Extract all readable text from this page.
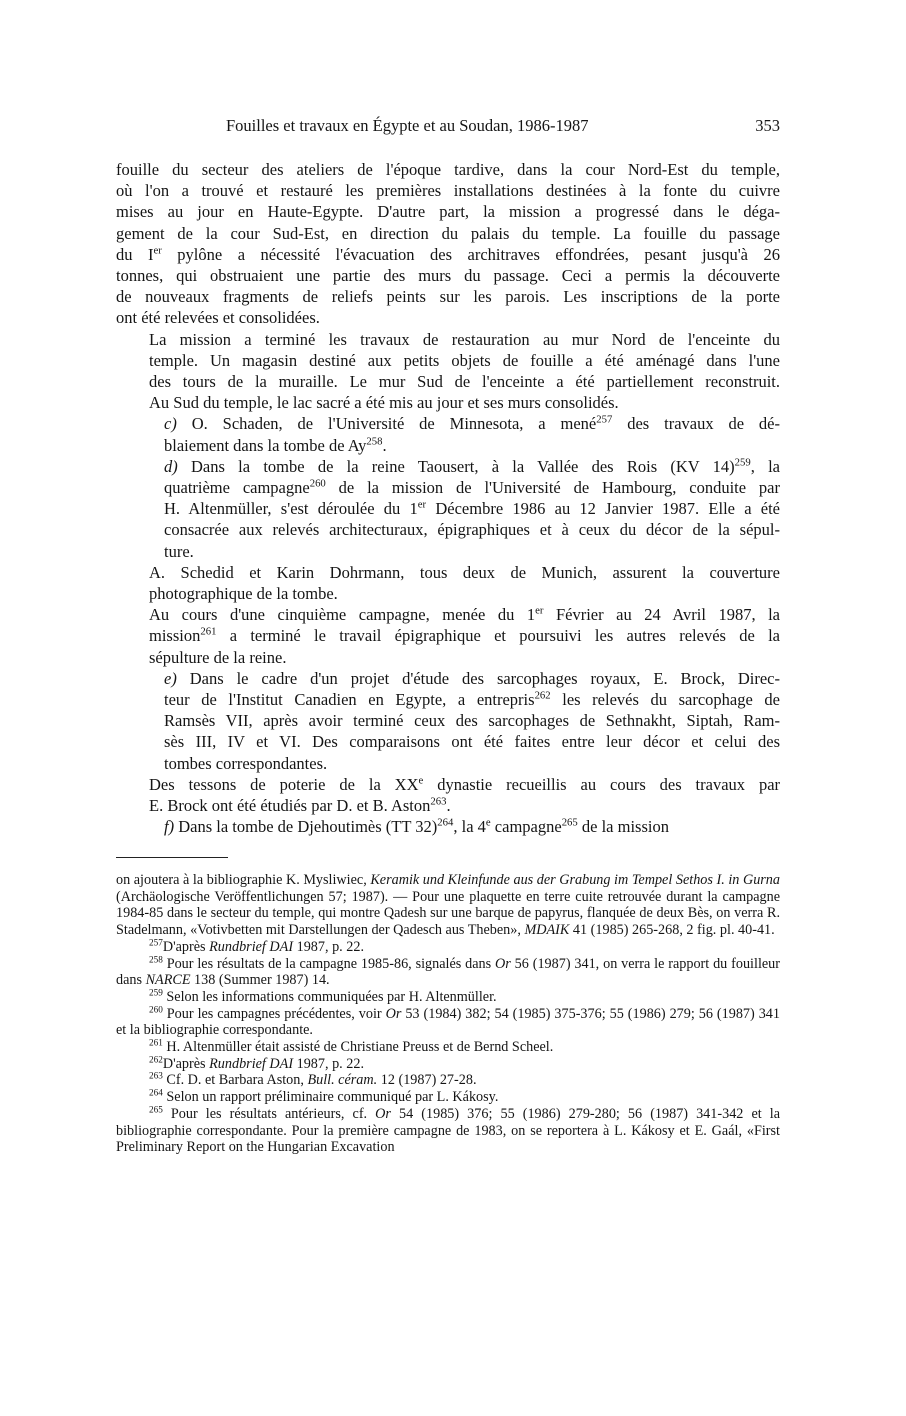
Fouilles et travaux en Égypte et au Soudan, 1986-1987	353

fouille du secteur des ateliers de l'époque tardive, dans la cour Nord-Est du temple,
où l'on a trouvé et restauré les premières installations destinées à la fonte du cuivre
mises au jour en Haute-Egypte. D'autre part, la mission a progressé dans le déga-
gement de la cour Sud-Est, en direction du palais du temple. La fouille du passage
du Ier pylône a nécessité l'évacuation des architraves effondrées, pesant jusqu'à 26
tonnes, qui obstruaient une partie des murs du passage. Ceci a permis la découverte
de nouveaux fragments de reliefs peints sur les parois. Les inscriptions de la porte
ont été relevées et consolidées.

La mission a terminé les travaux de restauration au mur Nord de l'enceinte du
temple. Un magasin destiné aux petits objets de fouille a été aménagé dans l'une
des tours de la muraille. Le mur Sud de l'enceinte a été partiellement reconstruit.
Au Sud du temple, le lac sacré a été mis au jour et ses murs consolidés.

c) O. Schaden, de l'Université de Minnesota, a mené$^{257}$ des travaux de dé-
blaiement dans la tombe de Ay$^{258}$.

d) Dans la tombe de la reine Taousert, à la Vallée des Rois (KV 14)$^{259}$, la
quatrième campagne$^{260}$ de la mission de l'Université de Hambourg, conduite par
H. Altenmüller, s'est déroulée du 1er Décembre 1986 au 12 Janvier 1987. Elle a été
consacrée aux relevés architecturaux, épigraphiques et à ceux du décor de la sépul-
ture.

A. Schedid et Karin Dohrmann, tous deux de Munich, assurent la couverture
photographique de la tombe.

Au cours d'une cinquième campagne, menée du 1er Février au 24 Avril 1987, la
mission$^{261}$ a terminé le travail épigraphique et poursuivi les autres relevés de la
sépulture de la reine.

e) Dans le cadre d'un projet d'étude des sarcophages royaux, E. Brock, Direc-
teur de l'Institut Canadien en Egypte, a entrepris$^{262}$ les relevés du sarcophage de
Ramsès VII, après avoir terminé ceux des sarcophages de Sethnakht, Siptah, Ram-
sès III, IV et VI. Des comparaisons ont été faites entre leur décor et celui des
tombes correspondantes.

Des tessons de poterie de la XXe dynastie recueillis au cours des travaux par
E. Brock ont été étudiés par D. et B. Aston$^{263}$.

f) Dans la tombe de Djehoutimès (TT 32)$^{264}$, la 4e campagne$^{265}$ de la mission

on ajoutera à la bibliographie K. Mysliwiec, Keramik und Kleinfunde aus der Grabung im Tempel Sethos I. in Gurna (Archäologische Veröffentlichungen 57; 1987). — Pour une plaquette en terre cuite retrouvée durant la campagne 1984-85 dans le secteur du temple, qui montre Qadesh sur une barque de papyrus, flanquée de deux Bès, on verra R. Stadelmann, «Votivbetten mit Darstellungen der Qadesch aus Theben», MDAIK 41 (1985) 265-268, 2 fig. pl. 40-41.

$^{257}$D'après Rundbrief DAI 1987, p. 22.

$^{258}$ Pour les résultats de la campagne 1985-86, signalés dans Or 56 (1987) 341, on verra le rapport du fouilleur dans NARCE 138 (Summer 1987) 14.

$^{259}$ Selon les informations communiquées par H. Altenmüller.

$^{260}$ Pour les campagnes précédentes, voir Or 53 (1984) 382; 54 (1985) 375-376; 55 (1986) 279; 56 (1987) 341 et la bibliographie correspondante.

$^{261}$ H. Altenmüller était assisté de Christiane Preuss et de Bernd Scheel.

$^{262}$D'après Rundbrief DAI 1987, p. 22.

$^{263}$ Cf. D. et Barbara Aston, Bull. céram. 12 (1987) 27-28.

$^{264}$ Selon un rapport préliminaire communiqué par L. Kákosy.

$^{265}$ Pour les résultats antérieurs, cf. Or 54 (1985) 376; 55 (1986) 279-280; 56 (1987) 341-342 et la bibliographie correspondante. Pour la première campagne de 1983, on se reportera à L. Kákosy et E. Gaál, «First Preliminary Report on the Hungarian Excavation
